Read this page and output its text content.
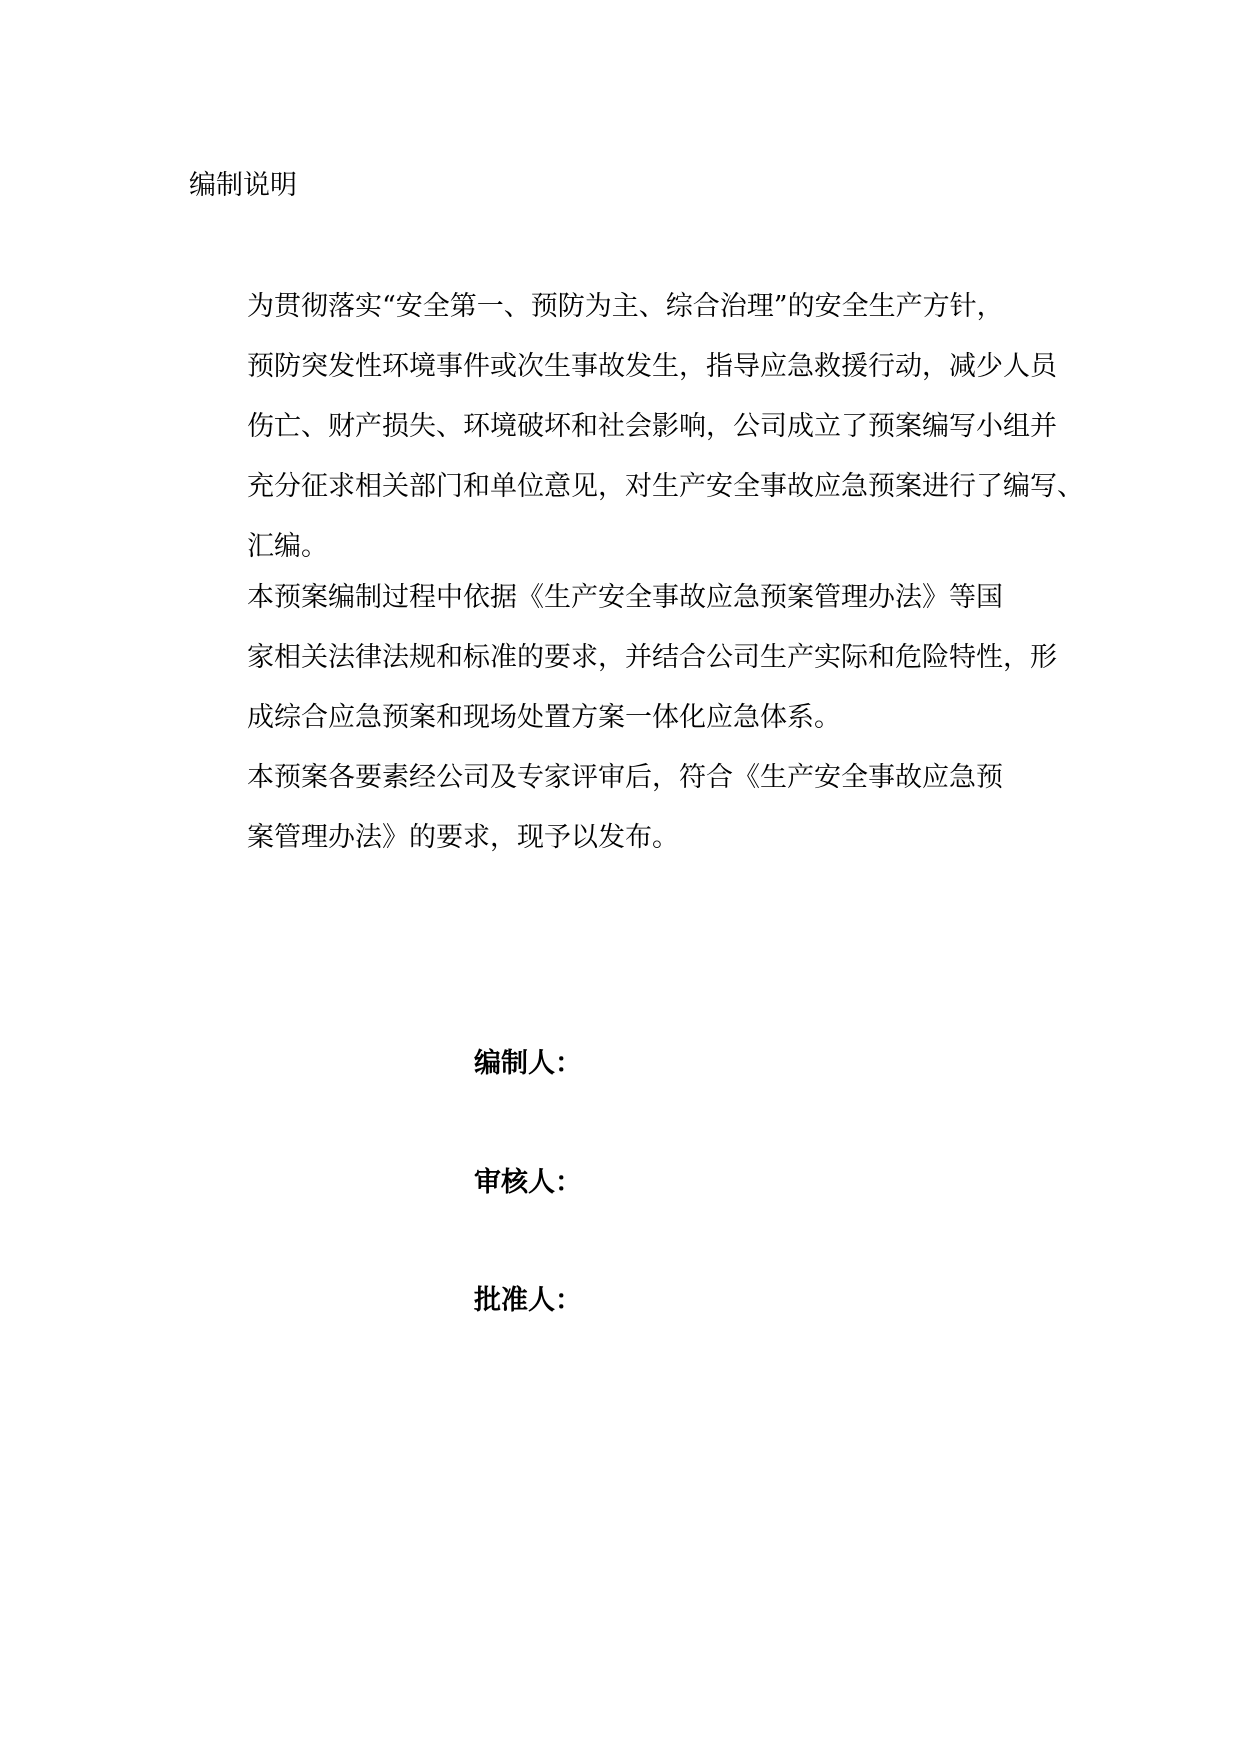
编制说明

为贯彻落实“安全第一、预防为主、综合治理”的安全生产方针，
预防突发性环境事件或次生事故发生，指导应急救援行动，减少人员
伤亡、财产损失、环境破坏和社会影响，公司成立了预案编写小组并
充分征求相关部门和单位意见，对生产安全事故应急预案进行了编写、
汇编。

本预案编制过程中依据《生产安全事故应急预案管理办法》等国
家相关法律法规和标准的要求，并结合公司生产实际和危险特性，形
成综合应急预案和现场处置方案一体化应急体系。

本预案各要素经公司及专家评审后，符合《生产安全事故应急预
案管理办法》的要求，现予以发布。

编制人：
审核人：
批准人：
